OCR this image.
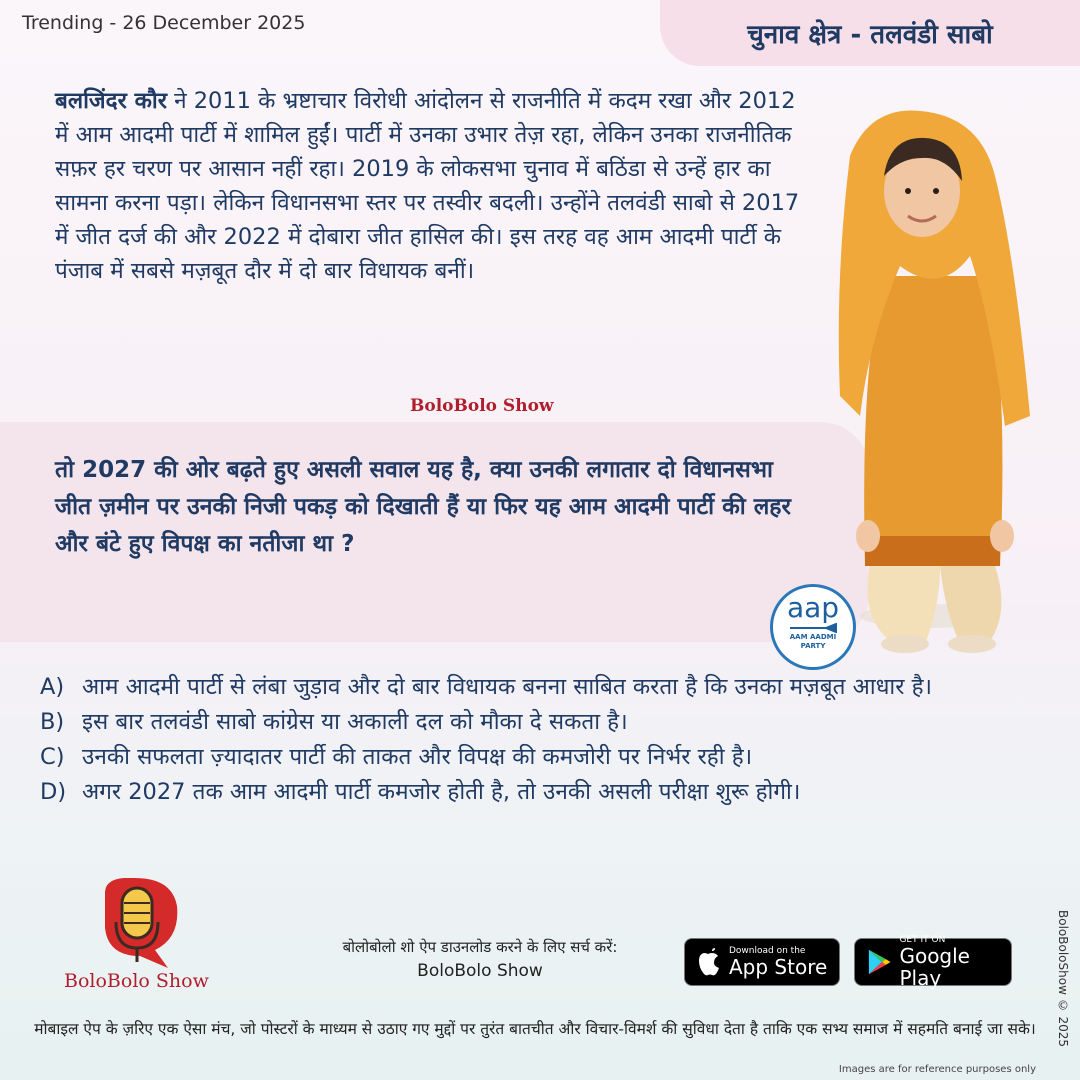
Trending - 26 December 2025	चुनाव क्षेत्र - तलवंडी साबो
बलजिंदर कौर ने 2011 के भ्रष्टाचार विरोधी आंदोलन से राजनीति में कदम रखा और 2012 में आम आदमी पार्टी में शामिल हुईं। पार्टी में उनका उभार तेज़ रहा, लेकिन उनका राजनीतिक सफ़र हर चरण पर आसान नहीं रहा। 2019 के लोकसभा चुनाव में बठिंडा से उन्हें हार का सामना करना पड़ा। लेकिन विधानसभा स्तर पर तस्वीर बदली। उन्होंने तलवंडी साबो से 2017 में जीत दर्ज की और 2022 में दोबारा जीत हासिल की। इस तरह वह आम आदमी पार्टी के पंजाब में सबसे मज़बूत दौर में दो बार विधायक बनीं।
BoloBolo Show
तो 2027 की ओर बढ़ते हुए असली सवाल यह है, क्या उनकी लगातार दो विधानसभा जीत ज़मीन पर उनकी निजी पकड़ को दिखाती हैं या फिर यह आम आदमी पार्टी की लहर और बंटे हुए विपक्ष का नतीजा था ?
aap
AAM AADMI
PARTY
A) आम आदमी पार्टी से लंबा जुड़ाव और दो बार विधायक बनना साबित करता है कि उनका मज़बूत आधार है।
B) इस बार तलवंडी साबो कांग्रेस या अकाली दल को मौका दे सकता है।
C) उनकी सफलता ज़्यादातर पार्टी की ताकत और विपक्ष की कमजोरी पर निर्भर रही है।
D) अगर 2027 तक आम आदमी पार्टी कमजोर होती है, तो उनकी असली परीक्षा शुरू होगी।
BoloBolo Show
बोलोबोलो शो ऐप डाउनलोड करने के लिए सर्च करें:
BoloBolo Show
Download on the
App Store
GET IT ON
Google Play
मोबाइल ऐप के ज़रिए एक ऐसा मंच, जो पोस्टरों के माध्यम से उठाए गए मुद्दों पर तुरंत बातचीत और विचार-विमर्श की सुविधा देता है ताकि एक सभ्य समाज में सहमति बनाई जा सके।	BoloBoloShow © 2025
Images are for reference purposes only
